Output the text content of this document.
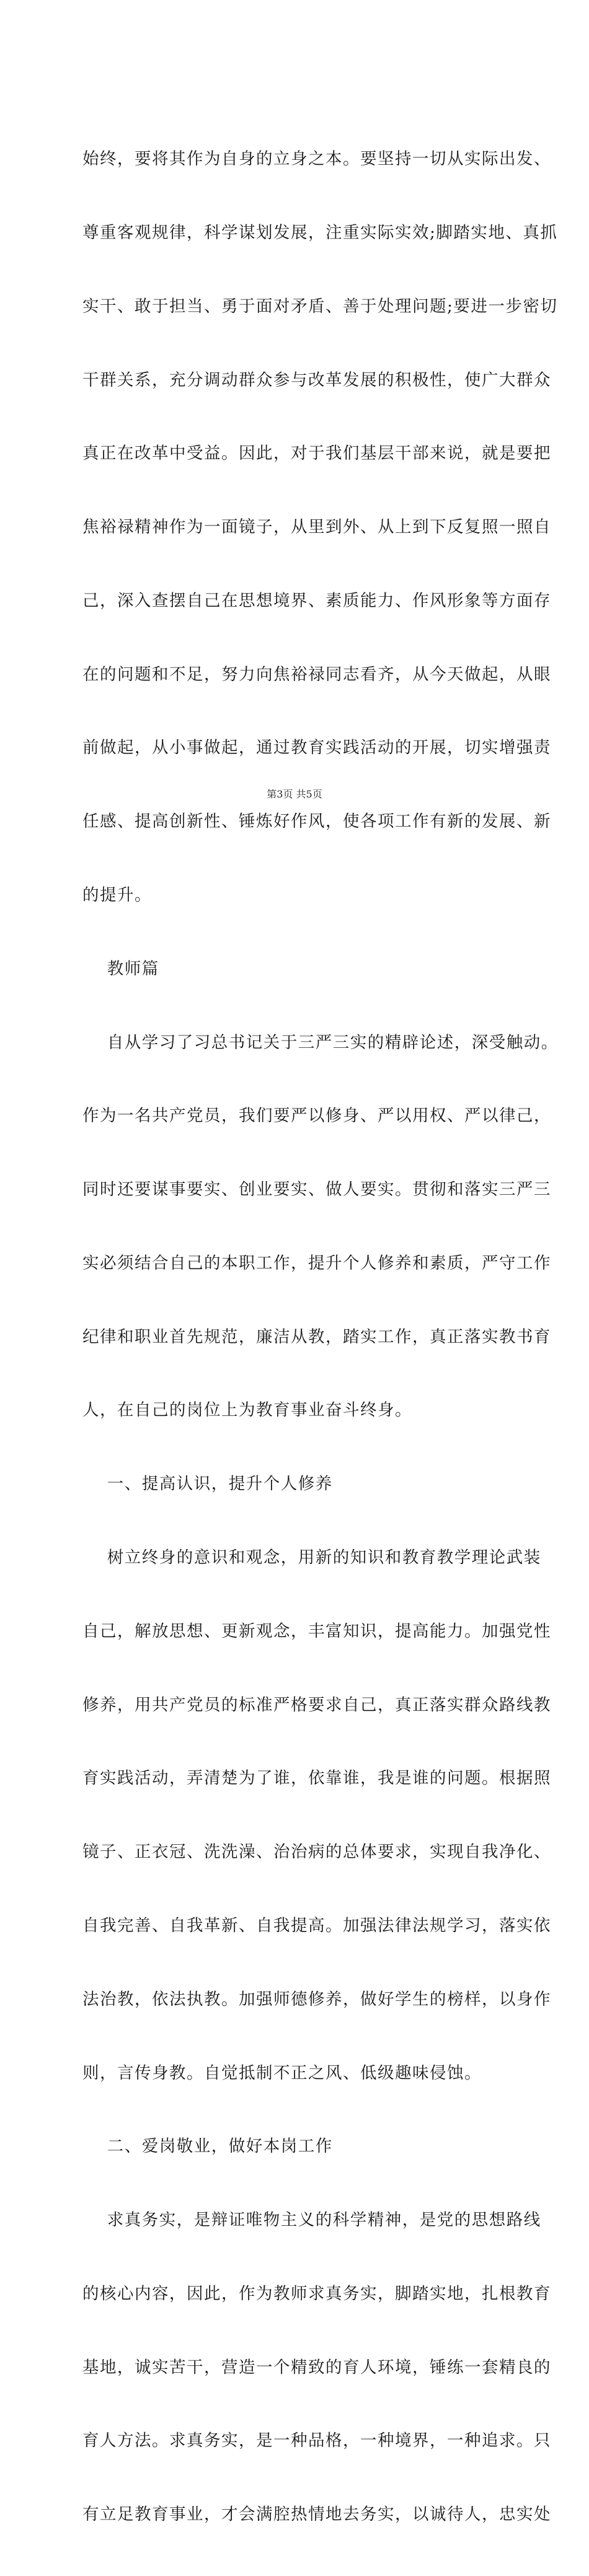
始终，要将其作为自身的立身之本。要坚持一切从实际出发、

尊重客观规律，科学谋划发展，注重实际实效;脚踏实地、真抓

实干、敢于担当、勇于面对矛盾、善于处理问题;要进一步密切

干群关系，充分调动群众参与改革发展的积极性，使广大群众

真正在改革中受益。因此，对于我们基层干部来说，就是要把

焦裕禄精神作为一面镜子，从里到外、从上到下反复照一照自

己，深入查摆自己在思想境界、素质能力、作风形象等方面存

在的问题和不足，努力向焦裕禄同志看齐，从今天做起，从眼

前做起，从小事做起，通过教育实践活动的开展，切实增强责

任感、提高创新性、锤炼好作风，使各项工作有新的发展、新

的提升。

教师篇

自从学习了习总书记关于三严三实的精辟论述，深受触动。

作为一名共产党员，我们要严以修身、严以用权、严以律己，

同时还要谋事要实、创业要实、做人要实。贯彻和落实三严三

实必须结合自己的本职工作，提升个人修养和素质，严守工作

纪律和职业首先规范，廉洁从教，踏实工作，真正落实教书育

人，在自己的岗位上为教育事业奋斗终身。

一、提高认识，提升个人修养

树立终身的意识和观念，用新的知识和教育教学理论武装

自己，解放思想、更新观念，丰富知识，提高能力。加强党性

修养，用共产党员的标准严格要求自己，真正落实群众路线教

育实践活动，弄清楚为了谁，依靠谁，我是谁的问题。根据照

镜子、正衣冠、洗洗澡、治治病的总体要求，实现自我净化、

自我完善、自我革新、自我提高。加强法律法规学习，落实依

法治教，依法执教。加强师德修养，做好学生的榜样，以身作

则，言传身教。自觉抵制不正之风、低级趣味侵蚀。

二、爱岗敬业，做好本岗工作

求真务实，是辩证唯物主义的科学精神，是党的思想路线

的核心内容，因此，作为教师求真务实，脚踏实地，扎根教育

基地，诚实苦干，营造一个精致的育人环境，锤练一套精良的

育人方法。求真务实，是一种品格，一种境界，一种追求。只

有立足教育事业，才会满腔热情地去务实，以诚待人，忠实处

第3页 共5页
